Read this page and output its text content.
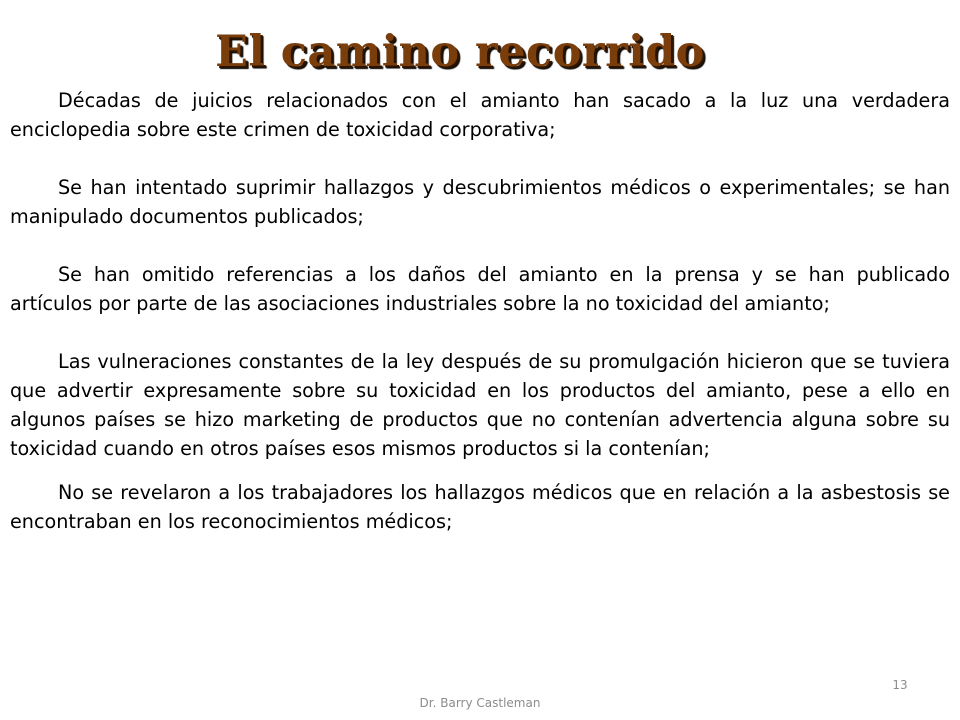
El camino recorrido

Décadas de juicios relacionados con el amianto han sacado a la luz una verdadera enciclopedia sobre este crimen de toxicidad corporativa;

Se han intentado suprimir hallazgos y descubrimientos médicos o experimentales; se han manipulado documentos publicados;

Se han omitido referencias a los daños del amianto en la prensa y se han publicado artículos por parte de las asociaciones industriales sobre la no toxicidad del amianto;

Las vulneraciones constantes de la ley después de su promulgación hicieron que se tuviera que advertir expresamente sobre su toxicidad en los productos del amianto, pese a ello en algunos países se hizo marketing de productos que no contenían advertencia alguna sobre su toxicidad cuando en otros países esos mismos productos si la contenían;

No se revelaron a los trabajadores los hallazgos médicos que en relación a la asbestosis se encontraban en los reconocimientos médicos;

13
Dr. Barry Castleman
